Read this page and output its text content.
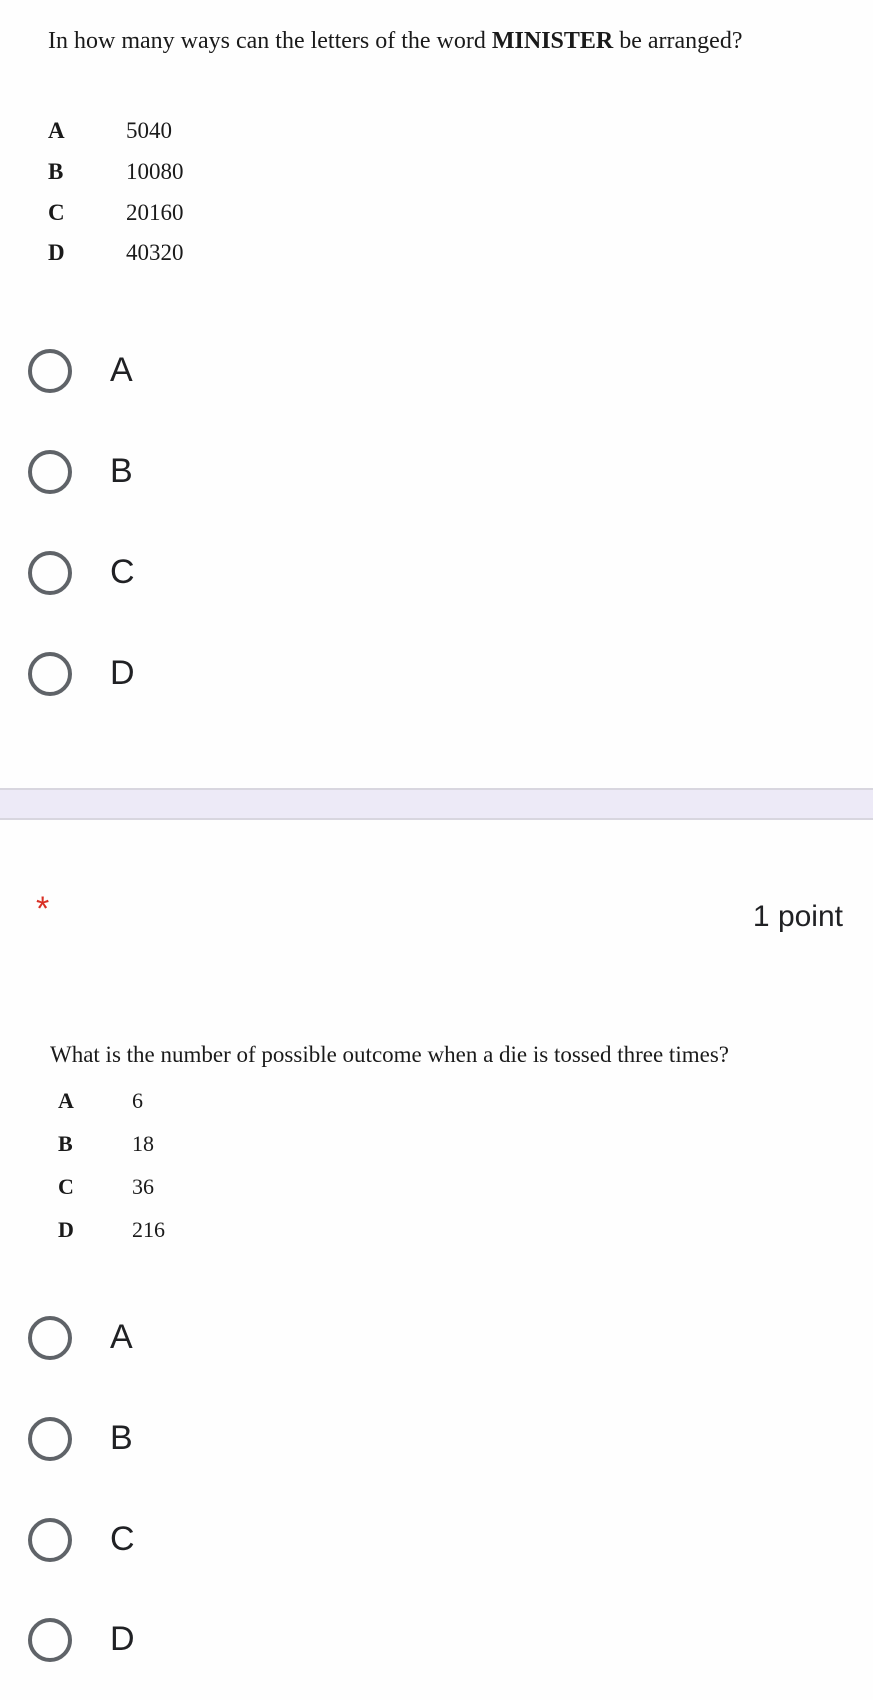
In how many ways can the letters of the word MINISTER be arranged?
A	5040
B	10080
C	20160
D	40320
A
B
C
D
*	1 point
What is the number of possible outcome when a die is tossed three times?
A	6
B	18
C	36
D	216
A
B
C
D
